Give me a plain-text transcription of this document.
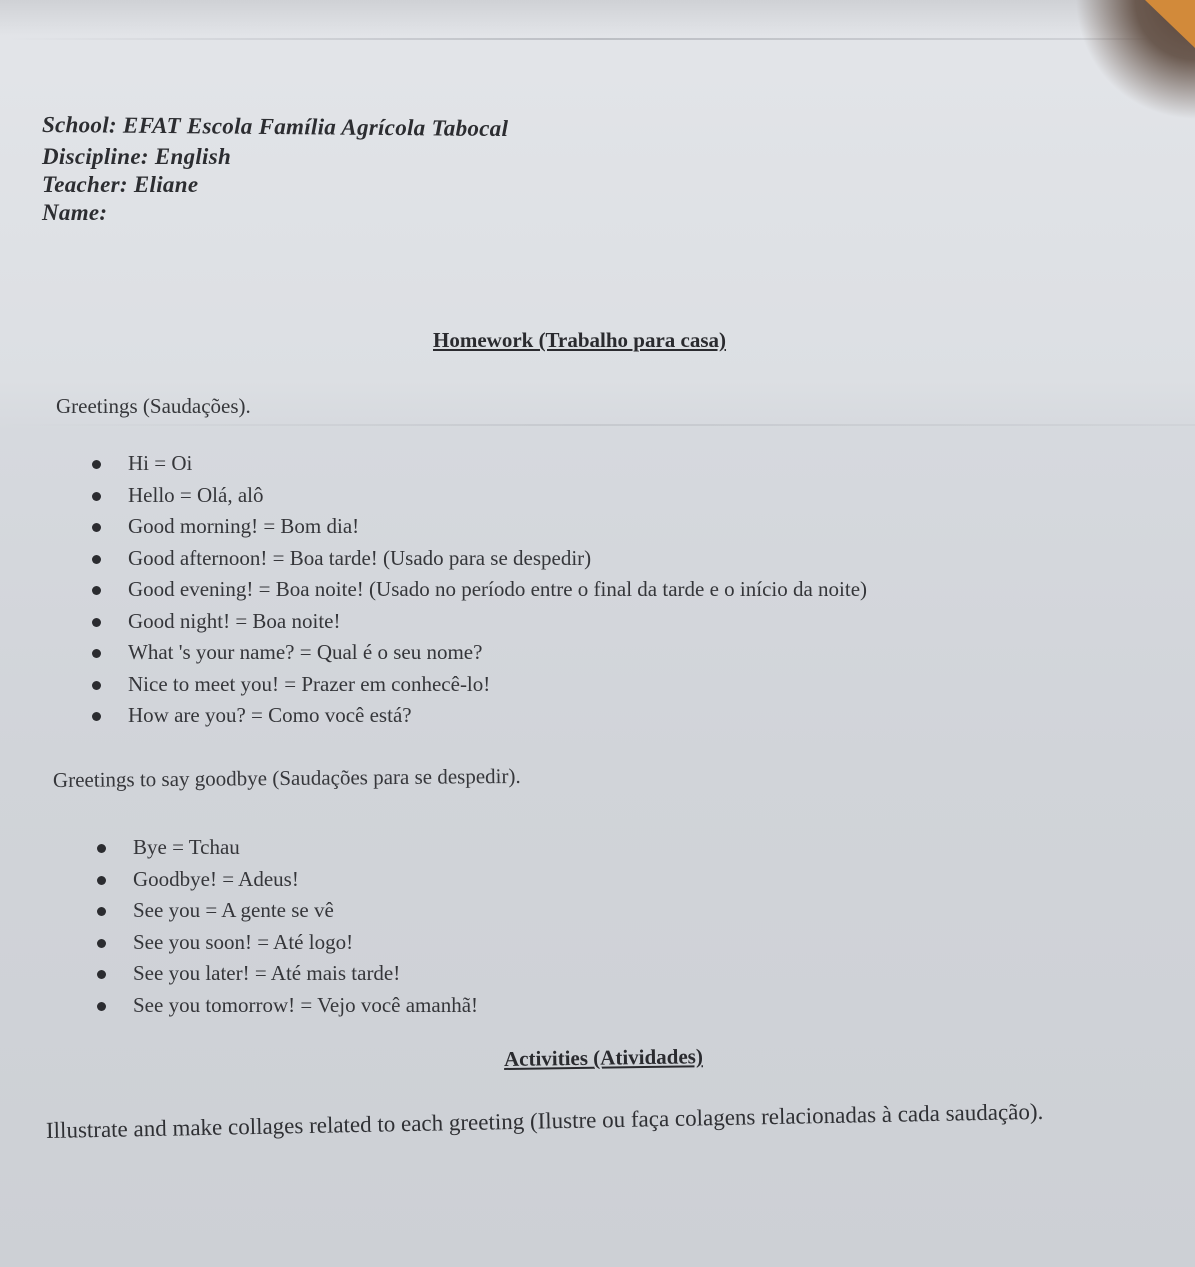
School: EFAT Escola Família Agrícola Tabocal
Discipline: English
Teacher: Eliane
Name:
Homework (Trabalho para casa)
Greetings (Saudações).
Hi = Oi
Hello = Olá, alô
Good morning! = Bom dia!
Good afternoon! = Boa tarde! (Usado para se despedir)
Good evening! = Boa noite! (Usado no período entre o final da tarde e o início da noite)
Good night! = Boa noite!
What 's your name? = Qual é o seu nome?
Nice to meet you! = Prazer em conhecê-lo!
How are you? = Como você está?
Greetings to say goodbye (Saudações para se despedir).
Bye = Tchau
Goodbye! = Adeus!
See you = A gente se vê
See you soon! = Até logo!
See you later! = Até mais tarde!
See you tomorrow! = Vejo você amanhã!
Activities (Atividades)
Illustrate and make collages related to each greeting (Ilustre ou faça colagens relacionadas à cada saudação).
